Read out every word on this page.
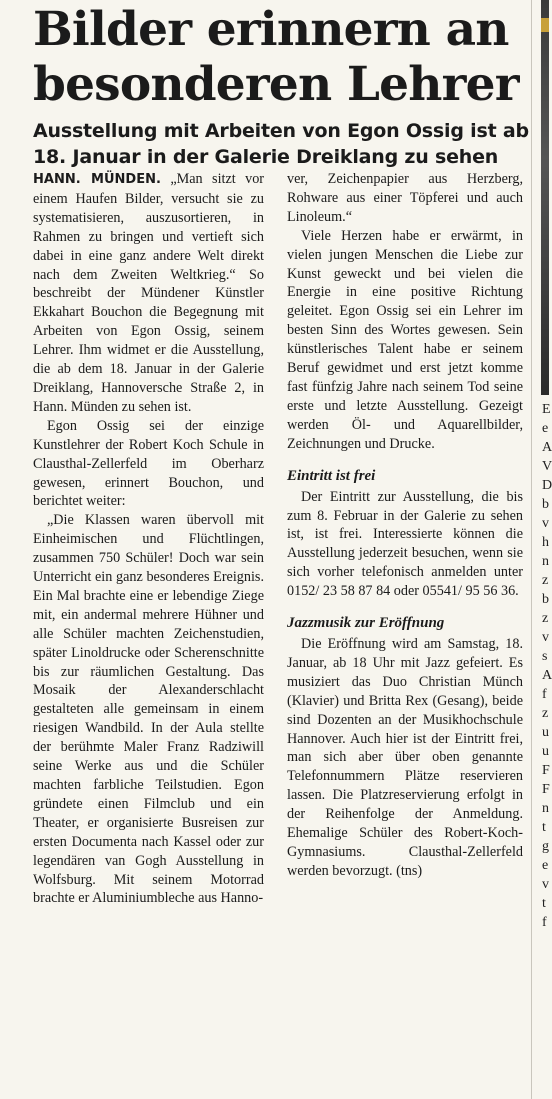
Bilder erinnern an besonderen Lehrer
Ausstellung mit Arbeiten von Egon Ossig ist ab 18. Januar in der Galerie Dreiklang zu sehen

HANN. MÜNDEN. „Man sitzt vor einem Haufen Bilder, versucht sie zu systematisieren, auszusortieren, in Rahmen zu bringen und vertieft sich dabei in eine ganz andere Welt direkt nach dem Zweiten Weltkrieg.“ So beschreibt der Mündener Künstler Ekkahart Bouchon die Begegnung mit Arbeiten von Egon Ossig, seinem Lehrer. Ihm widmet er die Ausstellung, die ab dem 18. Januar in der Galerie Dreiklang, Hannoversche Straße 2, in Hann. Münden zu sehen ist.

Egon Ossig sei der einzige Kunstlehrer der Robert Koch Schule in Clausthal-Zellerfeld im Oberharz gewesen, erinnert Bouchon, und berichtet weiter:

„Die Klassen waren übervoll mit Einheimischen und Flüchtlingen, zusammen 750 Schüler! Doch war sein Unterricht ein ganz besonderes Ereignis. Ein Mal brachte eine er lebendige Ziege mit, ein andermal mehrere Hühner und alle Schüler machten Zeichenstudien, später Linoldrucke oder Scherenschnitte bis zur räumlichen Gestaltung. Das Mosaik der Alexanderschlacht gestalteten alle gemeinsam in einem riesigen Wandbild. In der Aula stellte der berühmte Maler Franz Radziwill seine Werke aus und die Schüler machten farbliche Teilstudien. Egon gründete einen Filmclub und ein Theater, er organisierte Busreisen zur ersten Documenta nach Kassel oder zur legendären van Gogh Ausstellung in Wolfsburg. Mit seinem Motorrad brachte er Aluminiumbleche aus Hanno-

ver, Zeichenpapier aus Herzberg, Rohware aus einer Töpferei und auch Linoleum.“

Viele Herzen habe er erwärmt, in vielen jungen Menschen die Liebe zur Kunst geweckt und bei vielen die Energie in eine positive Richtung geleitet. Egon Ossig sei ein Lehrer im besten Sinn des Wortes gewesen. Sein künstlerisches Talent habe er seinem Beruf gewidmet und erst jetzt komme fast fünfzig Jahre nach seinem Tod seine erste und letzte Ausstellung. Gezeigt werden Öl- und Aquarellbilder, Zeichnungen und Drucke.

Eintritt ist frei

Der Eintritt zur Ausstellung, die bis zum 8. Februar in der Galerie zu sehen ist, ist frei. Interessierte können die Ausstellung jederzeit besuchen, wenn sie sich vorher telefonisch anmelden unter 0152/ 23 58 87 84 oder 05541/ 95 56 36.

Jazzmusik zur Eröffnung

Die Eröffnung wird am Samstag, 18. Januar, ab 18 Uhr mit Jazz gefeiert. Es musiziert das Duo Christian Münch (Klavier) und Britta Rex (Gesang), beide sind Dozenten an der Musikhochschule Hannover. Auch hier ist der Eintritt frei, man sich aber über oben genannte Telefonnummern Plätze reservieren lassen. Die Platzreservierung erfolgt in der Reihenfolge der Anmeldung. Ehemalige Schüler des Robert-Koch-Gymnasiums. Clausthal-Zellerfeld werden bevorzugt. (tns)

E
e
A
V
D
b
v
h
n
z
b
z
v
s
A
f
z
u
u
F
F
n
t
g
e
v
t
f
